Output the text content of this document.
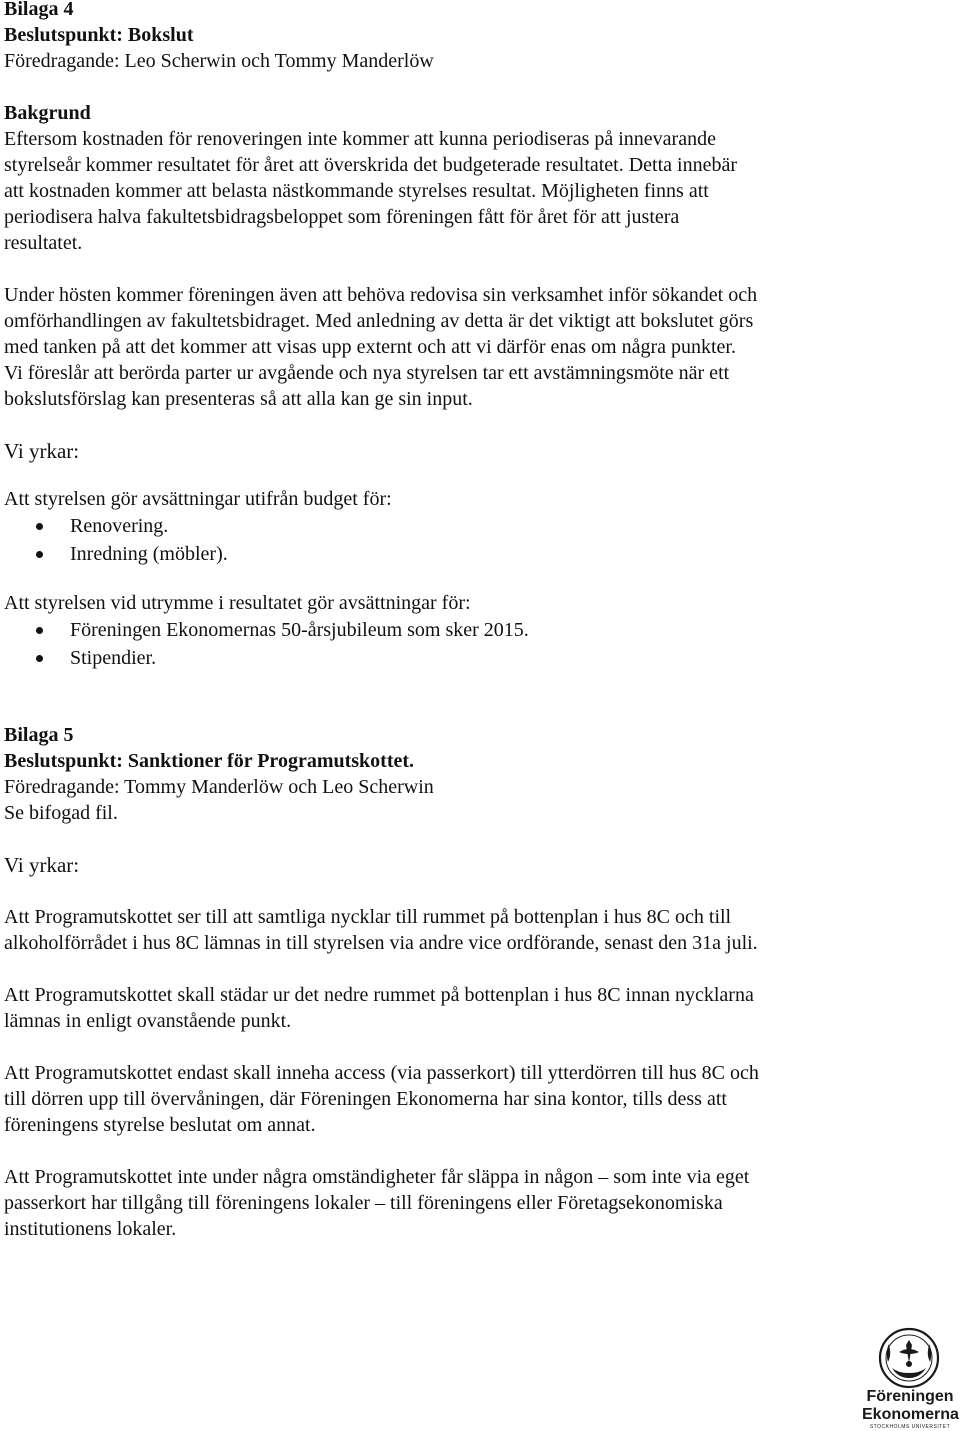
Bilaga 4
Beslutspunkt: Bokslut
Föredragande: Leo Scherwin och Tommy Manderlöw
Bakgrund
Eftersom kostnaden för renoveringen inte kommer att kunna periodiseras på innevarande
styrelseår kommer resultatet för året att överskrida det budgeterade resultatet. Detta innebär
att kostnaden kommer att belasta nästkommande styrelses resultat. Möjligheten finns att
periodisera halva fakultetsbidragsbeloppet som föreningen fått för året för att justera
resultatet.
Under hösten kommer föreningen även att behöva redovisa sin verksamhet inför sökandet och
omförhandlingen av fakultetsbidraget. Med anledning av detta är det viktigt att bokslutet görs
med tanken på att det kommer att visas upp externt och att vi därför enas om några punkter.
Vi föreslår att berörda parter ur avgående och nya styrelsen tar ett avstämningsmöte när ett
bokslutsförslag kan presenteras så att alla kan ge sin input.
Vi yrkar:
Att styrelsen gör avsättningar utifrån budget för:
Renovering.
Inredning (möbler).
Att styrelsen vid utrymme i resultatet gör avsättningar för:
Föreningen Ekonomernas 50-årsjubileum som sker 2015.
Stipendier.
Bilaga 5
Beslutspunkt: Sanktioner för Programutskottet.
Föredragande: Tommy Manderlöw och Leo Scherwin
Se bifogad fil.
Vi yrkar:
Att Programutskottet ser till att samtliga nycklar till rummet på bottenplan i hus 8C och till
alkoholförrådet i hus 8C lämnas in till styrelsen via andre vice ordförande, senast den 31a juli.
Att Programutskottet skall städar ur det nedre rummet på bottenplan i hus 8C innan nycklarna
lämnas in enligt ovanstående punkt.
Att Programutskottet endast skall inneha access (via passerkort) till ytterdörren till hus 8C och
till dörren upp till övervåningen, där Föreningen Ekonomerna har sina kontor, tills dess att
föreningens styrelse beslutat om annat.
Att Programutskottet inte under några omständigheter får släppa in någon – som inte via eget
passerkort har tillgång till föreningens lokaler – till föreningens eller Företagsekonomiska
institutionens lokaler.
Föreningen
Ekonomerna
STOCKHOLMS UNIVERSITET
